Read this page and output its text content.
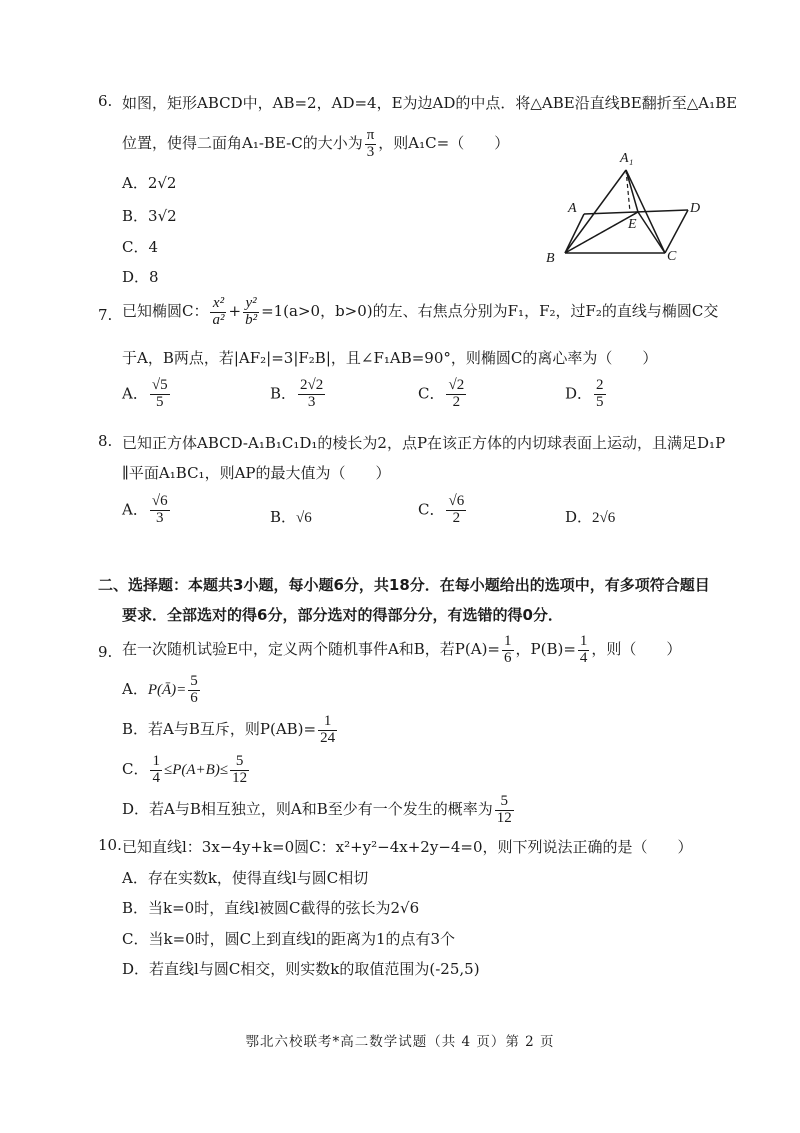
6. 如图，矩形ABCD中，AB=2，AD=4，E为边AD的中点．将△ABE沿直线BE翻折至△A₁BE
位置，使得二面角A₁-BE-C的大小为 $\frac{\pi}{3}$ ，则A₁C=（　　）
A．2√2
B．3√2
C．4
D．8
A₁
A	D
E
B	C
7. 已知椭圆C： $\frac{\text{x²}}{\text{a²}} + \frac{\text{y²}}{\text{b²}} =1(a>0$，b>0)的左、右焦点分别为F₁，F₂，过F₂的直线与椭圆C交
于A，B两点，若|AF₂|=3|F₂B|，且∠F₁AB=90°，则椭圆C的离心率为（　　）
A． $\frac{√5}{5}$	B． $\frac{2√2}{3}$	C． $\frac{√2}{2}$	D． $\frac{2}{5}$
8. 已知正方体ABCD-A₁B₁C₁D₁的棱长为2，点P在该正方体的内切球表面上运动，且满足D₁P
∥平面A₁BC₁，则AP的最大值为（　　）
A． $\frac{√6}{3}$	B．√6	C． $\frac{√6}{2}$	D．2√6
二、选择题：本题共3小题，每小题6分，共18分．在每小题给出的选项中，有多项符合题目
要求．全部选对的得6分，部分选对的得部分分，有选错的得0分．
9. 在一次随机试验E中，定义两个随机事件A和B，若$P(A)= \frac{1}{6}$ ，$P(B)= \frac{1}{4}$ ，则（　　）
A．P(Ā)= $\frac{5}{6}$
B．若A与B互斥，则$P(AB)= \frac{1}{24}$
C． $\frac{1}{4} \le P(A+B)\le \frac{5}{12}$
D．若A与B相互独立，则A和B至少有一个发生的概率为 $\frac{5}{12}$
10. 已知直线l：3x−4y+k=0圆C：x²+y²−4x+2y−4=0，则下列说法正确的是（　　）
A．存在实数k，使得直线l与圆C相切
B．当k=0时，直线l被圆C截得的弦长为2√6
C．当k=0时，圆C上到直线l的距离为1的点有3个
D．若直线l与圆C相交，则实数k的取值范围为(-25,5)
鄂北六校联考*高二数学试题（共 4 页）第 2 页
